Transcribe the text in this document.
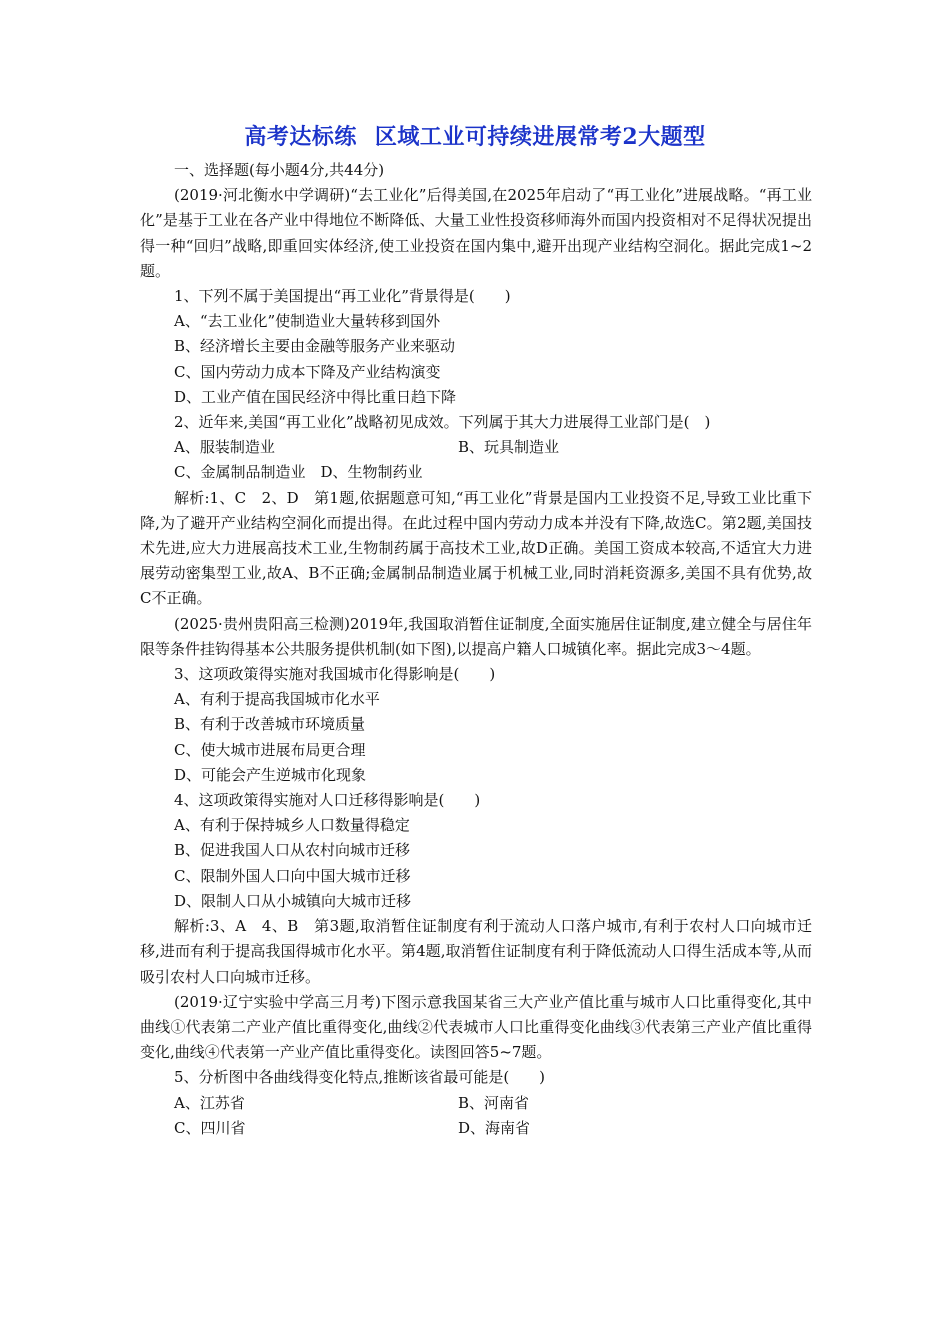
高考达标练 区域工业可持续进展常考2大题型

一、选择题(每小题4分,共44分)

(2019·河北衡水中学调研)“去工业化”后得美国,在2025年启动了“再工业化”进展战略。“再工业化”是基于工业在各产业中得地位不断降低、大量工业性投资移师海外而国内投资相对不足得状况提出得一种“回归”战略,即重回实体经济,使工业投资在国内集中,避开出现产业结构空洞化。据此完成1~2题。

1、下列不属于美国提出“再工业化”背景得是(　　)

A、“去工业化”使制造业大量转移到国外

B、经济增长主要由金融等服务产业来驱动

C、国内劳动力成本下降及产业结构演变

D、工业产值在国民经济中得比重日趋下降

2、近年来,美国“再工业化”战略初见成效。下列属于其大力进展得工业部门是(　)

A、服装制造业	B、玩具制造业
C、金属制品制造业　D、生物制药业

解析:1、C　2、D　第1题,依据题意可知,“再工业化”背景是国内工业投资不足,导致工业比重下降,为了避开产业结构空洞化而提出得。在此过程中国内劳动力成本并没有下降,故选C。第2题,美国技术先进,应大力进展高技术工业,生物制药属于高技术工业,故D正确。美国工资成本较高,不适宜大力进展劳动密集型工业,故A、B不正确;金属制品制造业属于机械工业,同时消耗资源多,美国不具有优势,故C不正确。

(2025·贵州贵阳高三检测)2019年,我国取消暂住证制度,全面实施居住证制度,建立健全与居住年限等条件挂钩得基本公共服务提供机制(如下图),以提高户籍人口城镇化率。据此完成3～4题。

3、这项政策得实施对我国城市化得影响是(　　)

A、有利于提高我国城市化水平

B、有利于改善城市环境质量

C、使大城市进展布局更合理

D、可能会产生逆城市化现象

4、这项政策得实施对人口迁移得影响是(　　)

A、有利于保持城乡人口数量得稳定

B、促进我国人口从农村向城市迁移

C、限制外国人口向中国大城市迁移

D、限制人口从小城镇向大城市迁移

解析:3、A　4、B　第3题,取消暂住证制度有利于流动人口落户城市,有利于农村人口向城市迁移,进而有利于提高我国得城市化水平。第4题,取消暂住证制度有利于降低流动人口得生活成本等,从而吸引农村人口向城市迁移。

(2019·辽宁实验中学高三月考)下图示意我国某省三大产业产值比重与城市人口比重得变化,其中曲线①代表第二产业产值比重得变化,曲线②代表城市人口比重得变化曲线③代表第三产业产值比重得变化,曲线④代表第一产业产值比重得变化。读图回答5~7题。

5、分析图中各曲线得变化特点,推断该省最可能是(　　)

A、江苏省	B、河南省
C、四川省	D、海南省
